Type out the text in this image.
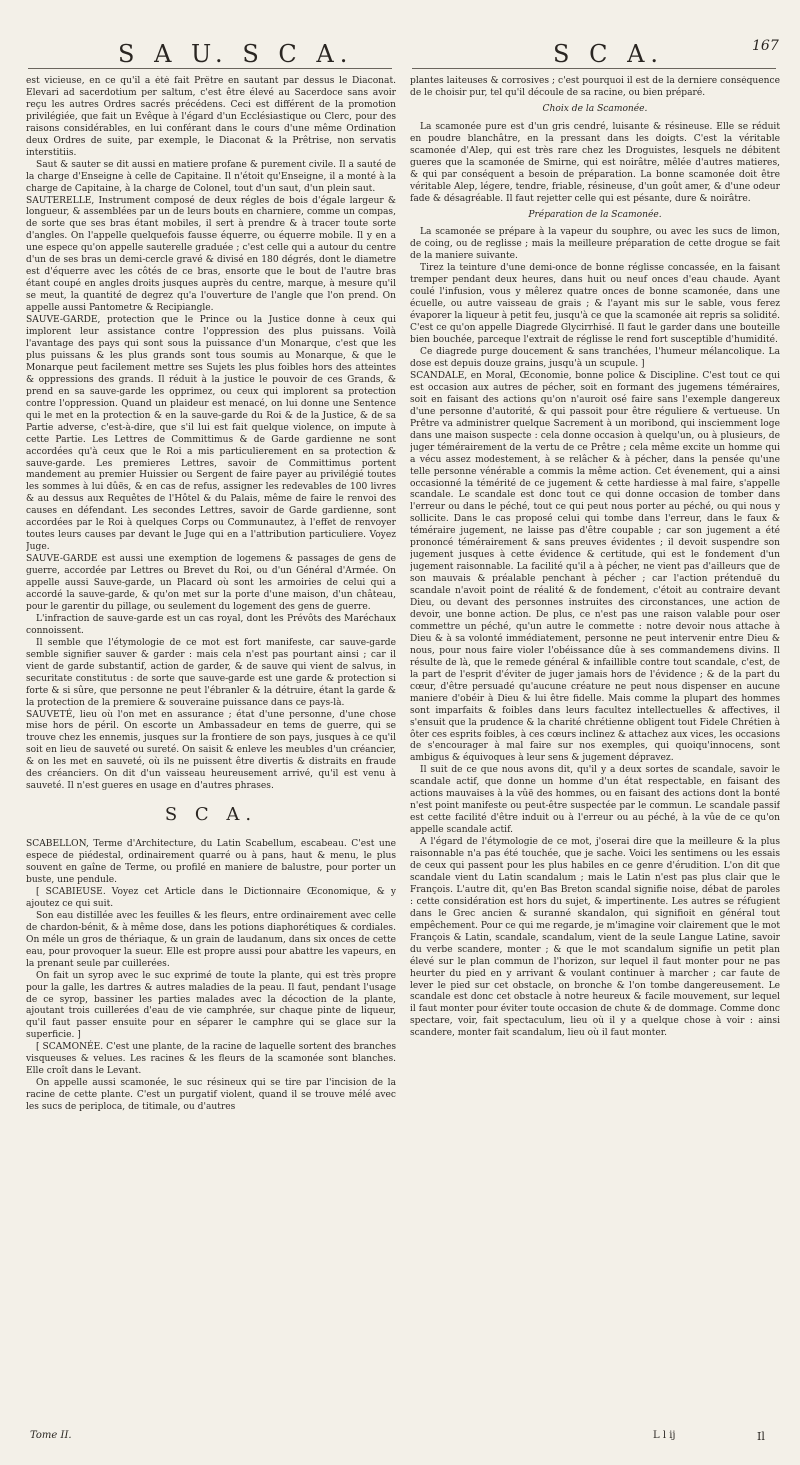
S A U. S C A.	S C A.	167

est vicieuse, en ce qu'il a été fait Prêtre en sautant par dessus le Diaconat. Elevari ad sacerdotium per saltum, c'est être élevé au Sacerdoce sans avoir reçu les autres Ordres sacrés précédens. Ceci est différent de la promotion privilégiée, que fait un Evêque à l'égard d'un Ecclésiastique ou Clerc, pour des raisons considérables, en lui conférant dans le cours d'une même Ordination deux Ordres de suite, par exemple, le Diaconat & la Prêtrise, non servatis interstitiis.

Saut & sauter se dit aussi en matiere profane & purement civile. Il a sauté de la charge d'Enseigne à celle de Capitaine. Il n'étoit qu'Enseigne, il a monté à la charge de Capitaine, à la charge de Colonel, tout d'un saut, d'un plein saut.

SAUTERELLE, Instrument composé de deux régles de bois d'égale largeur & longueur, & assemblées par un de leurs bouts en charniere, comme un compas, de sorte que ses bras étant mobiles, il sert à prendre & à tracer toute sorte d'angles. On l'appelle quelquefois fausse équerre, ou équerre mobile. Il y en a une espece qu'on appelle sauterelle graduée ; c'est celle qui a autour du centre d'un de ses bras un demi-cercle gravé & divisé en 180 dégrés, dont le diametre est d'équerre avec les côtés de ce bras, ensorte que le bout de l'autre bras étant coupé en angles droits jusques auprès du centre, marque, à mesure qu'il se meut, la quantité de degrez qu'a l'ouverture de l'angle que l'on prend. On appelle aussi Pantometre & Recipiangle.

SAUVE-GARDE, protection que le Prince ou la Justice donne à ceux qui implorent leur assistance contre l'oppression des plus puissans. Voilà l'avantage des pays qui sont sous la puissance d'un Monarque, c'est que les plus puissans & les plus grands sont tous soumis au Monarque, & que le Monarque peut facilement mettre ses Sujets les plus foibles hors des atteintes & oppressions des grands. Il réduit à la justice le pouvoir de ces Grands, & prend en sa sauve-garde les opprimez, ou ceux qui implorent sa protection contre l'oppression. Quand un plaideur est menacé, on lui donne une Sentence qui le met en la protection & en la sauve-garde du Roi & de la Justice, & de sa Partie adverse, c'est-à-dire, que s'il lui est fait quelque violence, on impute à cette Partie. Les Lettres de Committimus & de Garde gardienne ne sont accordées qu'à ceux que le Roi a mis particulierement en sa protection & sauve-garde. Les premieres Lettres, savoir de Committimus portent mandement au premier Huissier ou Sergent de faire payer au privilégié toutes les sommes à lui dûës, & en cas de refus, assigner les redevables de 100 livres & au dessus aux Requêtes de l'Hôtel & du Palais, même de faire le renvoi des causes en défendant. Les secondes Lettres, savoir de Garde gardienne, sont accordées par le Roi à quelques Corps ou Communautez, à l'effet de renvoyer toutes leurs causes par devant le Juge qui en a l'attribution particuliere. Voyez Juge.

SAUVE-GARDE est aussi une exemption de logemens & passages de gens de guerre, accordée par Lettres ou Brevet du Roi, ou d'un Général d'Armée. On appelle aussi Sauve-garde, un Placard où sont les armoiries de celui qui a accordé la sauve-garde, & qu'on met sur la porte d'une maison, d'un château, pour le garentir du pillage, ou seulement du logement des gens de guerre.

L'infraction de sauve-garde est un cas royal, dont les Prévôts des Maréchaux connoissent.

Il semble que l'étymologie de ce mot est fort manifeste, car sauve-garde semble signifier sauver & garder : mais cela n'est pas pourtant ainsi ; car il vient de garde substantif, action de garder, & de sauve qui vient de salvus, in securitate constitutus : de sorte que sauve-garde est une garde & protection si forte & si sûre, que personne ne peut l'ébranler & la détruire, étant la garde & la protection de la premiere & souveraine puissance dans ce pays-là.

SAUVETÉ, lieu où l'on met en assurance ; état d'une personne, d'une chose mise hors de péril. On escorte un Ambassadeur en tems de guerre, qui se trouve chez les ennemis, jusques sur la frontiere de son pays, jusques à ce qu'il soit en lieu de sauveté ou sureté. On saisit & enleve les meubles d'un créancier, & on les met en sauveté, où ils ne puissent être divertis & distraits en fraude des créanciers. On dit d'un vaisseau heureusement arrivé, qu'il est venu à sauveté. Il n'est gueres en usage en d'autres phrases.

S C A.

SCABELLON, Terme d'Architecture, du Latin Scabellum, escabeau. C'est une espece de piédestal, ordinairement quarré ou à pans, haut & menu, le plus souvent en gaîne de Terme, ou profilé en maniere de balustre, pour porter un buste, une pendule.

[ SCABIEUSE. Voyez cet Article dans le Dictionnaire Œconomique, & y ajoutez ce qui suit.

Son eau distillée avec les feuilles & les fleurs, entre ordinairement avec celle de chardon-bénit, & à même dose, dans les potions diaphorétiques & cordiales. On méle un gros de thériaque, & un grain de laudanum, dans six onces de cette eau, pour provoquer la sueur. Elle est propre aussi pour abattre les vapeurs, en la prenant seule par cuillerées.

On fait un syrop avec le suc exprimé de toute la plante, qui est très propre pour la galle, les dartres & autres maladies de la peau. Il faut, pendant l'usage de ce syrop, bassiner les parties malades avec la décoction de la plante, ajoutant trois cuillerées d'eau de vie camphrée, sur chaque pinte de liqueur, qu'il faut passer ensuite pour en séparer le camphre qui se glace sur la superficie. ]

[ SCAMONÉE. C'est une plante, de la racine de laquelle sortent des branches visqueuses & velues. Les racines & les fleurs de la scamonée sont blanches. Elle croît dans le Levant.

On appelle aussi scamonée, le suc résineux qui se tire par l'incision de la racine de cette plante. C'est un purgatif violent, quand il se trouve mélé avec les sucs de periploca, de titimale, ou d'autres

plantes laiteuses & corrosives ; c'est pourquoi il est de la derniere conséquence de le choisir pur, tel qu'il découle de sa racine, ou bien préparé.

Choix de la Scamonée.

La scamonée pure est d'un gris cendré, luisante & résineuse. Elle se réduit en poudre blanchâtre, en la pressant dans les doigts. C'est la véritable scamonée d'Alep, qui est très rare chez les Droguistes, lesquels ne débitent gueres que la scamonée de Smirne, qui est noirâtre, mêlée d'autres matieres, & qui par conséquent a besoin de préparation. La bonne scamonée doit être véritable Alep, légere, tendre, friable, résineuse, d'un goût amer, & d'une odeur fade & désagréable. Il faut rejetter celle qui est pésante, dure & noirâtre.

Préparation de la Scamonée.

La scamonée se prépare à la vapeur du souphre, ou avec les sucs de limon, de coing, ou de reglisse ; mais la meilleure préparation de cette drogue se fait de la maniere suivante.

Tirez la teinture d'une demi-once de bonne réglisse concassée, en la faisant tremper pendant deux heures, dans huit ou neuf onces d'eau chaude. Ayant coulé l'infusion, vous y mêlerez quatre onces de bonne scamonée, dans une écuelle, ou autre vaisseau de grais ; & l'ayant mis sur le sable, vous ferez évaporer la liqueur à petit feu, jusqu'à ce que la scamonée ait repris sa solidité. C'est ce qu'on appelle Diagrede Glycirrhisé. Il faut le garder dans une bouteille bien bouchée, parceque l'extrait de réglisse le rend fort susceptible d'humidité.

Ce diagrede purge doucement & sans tranchées, l'humeur mélancolique. La dose est depuis douze grains, jusqu'à un scupule. ]

SCANDALE, en Moral, Œconomie, bonne police & Discipline. C'est tout ce qui est occasion aux autres de pécher, soit en formant des jugemens téméraires, soit en faisant des actions qu'on n'auroit osé faire sans l'exemple dangereux d'une personne d'autorité, & qui passoit pour être réguliere & vertueuse. Un Prêtre va administrer quelque Sacrement à un moribond, qui insciemment loge dans une maison suspecte : cela donne occasion à quelqu'un, ou à plusieurs, de juger témérairement de la vertu de ce Prêtre ; cela même excite un homme qui a vécu assez modestement, à se relâcher & à pécher, dans la pensée qu'une telle personne vénérable a commis la même action. Cet évenement, qui a ainsi occasionné la témérité de ce jugement & cette hardiesse à mal faire, s'appelle scandale. Le scandale est donc tout ce qui donne occasion de tomber dans l'erreur ou dans le péché, tout ce qui peut nous porter au péché, ou qui nous y sollicite. Dans le cas proposé celui qui tombe dans l'erreur, dans le faux & téméraire jugement, ne laisse pas d'être coupable ; car son jugement a été prononcé témérairement & sans preuves évidentes ; il devoit suspendre son jugement jusques à cette évidence & certitude, qui est le fondement d'un jugement raisonnable. La facilité qu'il a à pécher, ne vient pas d'ailleurs que de son mauvais & préalable penchant à pécher ; car l'action prétenduë du scandale n'avoit point de réalité & de fondement, c'étoit au contraire devant Dieu, ou devant des personnes instruites des circonstances, une action de devoir, une bonne action. De plus, ce n'est pas une raison valable pour oser commettre un péché, qu'un autre le commette : notre devoir nous attache à Dieu & à sa volonté immédiatement, personne ne peut intervenir entre Dieu & nous, pour nous faire violer l'obéissance dûe à ses commandemens divins. Il résulte de là, que le remede général & infaillible contre tout scandale, c'est, de la part de l'esprit d'éviter de juger jamais hors de l'évidence ; & de la part du cœur, d'être persuadé qu'aucune créature ne peut nous dispenser en aucune maniere d'obéir à Dieu & lui être fidelle. Mais comme la plupart des hommes sont imparfaits & foibles dans leurs facultez intellectuelles & affectives, il s'ensuit que la prudence & la charité chrétienne obligent tout Fidele Chrétien à ôter ces esprits foibles, à ces cœurs inclinez & attachez aux vices, les occasions de s'encourager à mal faire sur nos exemples, qui quoiqu'innocens, sont ambigus & équivoques à leur sens & jugement dépravez.

Il suit de ce que nous avons dit, qu'il y a deux sortes de scandale, savoir le scandale actif, que donne un homme d'un état respectable, en faisant des actions mauvaises à la vûë des hommes, ou en faisant des actions dont la bonté n'est point manifeste ou peut-être suspectée par le commun. Le scandale passif est cette facilité d'être induit ou à l'erreur ou au péché, à la vûe de ce qu'on appelle scandale actif.

A l'égard de l'étymologie de ce mot, j'oserai dire que la meilleure & la plus raisonnable n'a pas été touchée, que je sache. Voici les sentimens ou les essais de ceux qui passent pour les plus habiles en ce genre d'érudition. L'on dit que scandale vient du Latin scandalum ; mais le Latin n'est pas plus clair que le François. L'autre dit, qu'en Bas Breton scandal signifie noise, débat de paroles : cette considération est hors du sujet, & impertinente. Les autres se réfugient dans le Grec ancien & suranné skandalon, qui signifioit en général tout empêchement. Pour ce qui me regarde, je m'imagine voir clairement que le mot François & Latin, scandale, scandalum, vient de la seule Langue Latine, savoir du verbe scandere, monter ; & que le mot scandalum signifie un petit plan élevé sur le plan commun de l'horizon, sur lequel il faut monter pour ne pas heurter du pied en y arrivant & voulant continuer à marcher ; car faute de lever le pied sur cet obstacle, on bronche & l'on tombe dangereusement. Le scandale est donc cet obstacle à notre heureux & facile mouvement, sur lequel il faut monter pour éviter toute occasion de chute & de dommage. Comme donc spectare, voir, fait spectaculum, lieu où il y a quelque chose à voir : ainsi scandere, monter fait scandalum, lieu où il faut monter.

Tome II.	L l ij	Il
